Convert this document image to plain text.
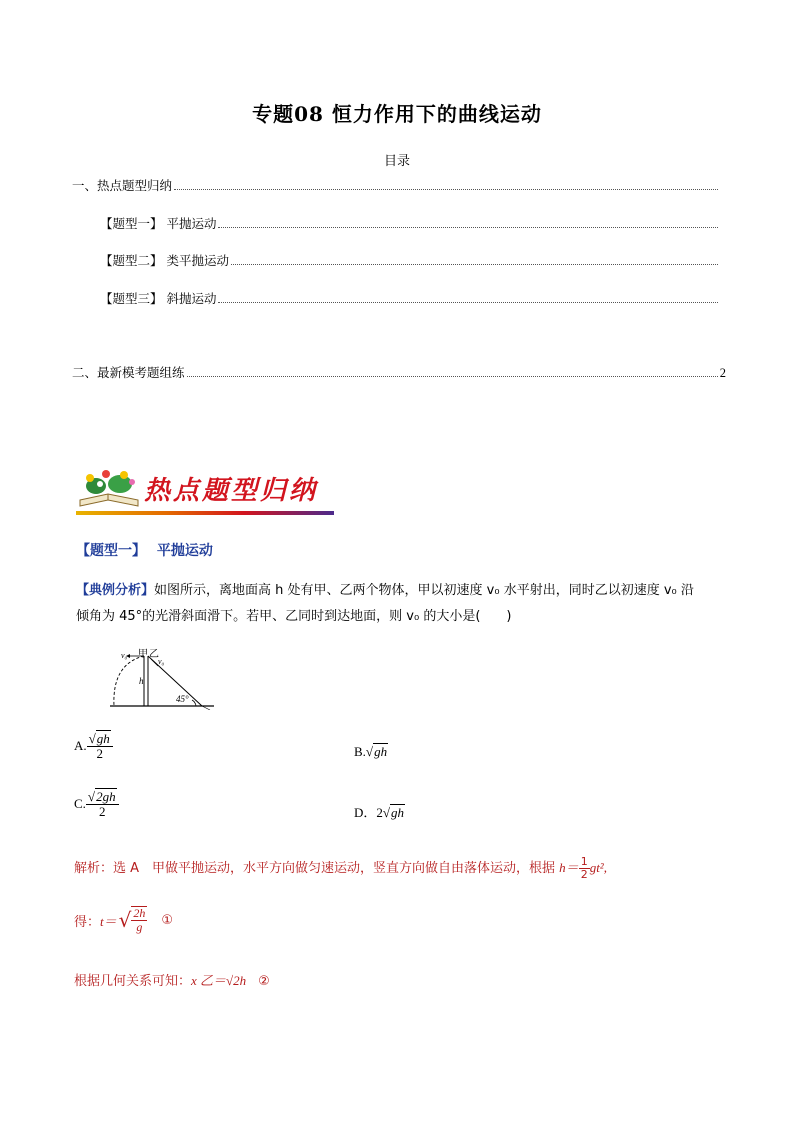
专题08 恒力作用下的曲线运动
目录
一、热点题型归纳
【题型一】 平抛运动
【题型二】 类平抛运动
【题型三】 斜抛运动
二、最新模考题组练	2
热点题型归纳
【题型一】 平抛运动
【典例分析】如图所示，离地面高 h 处有甲、乙两个物体，甲以初速度 v₀ 水平射出，同时乙以初速度 v₀ 沿
倾角为 45°的光滑斜面滑下。若甲、乙同时到达地面，则 v₀ 的大小是(　　)
甲 乙
v₀
v₀
h
45°
A. $\frac{√gh}{2}$	B.√gh
C. $\frac{√2gh}{2}$	D．2√gh
解析：选 A　甲做平抛运动，水平方向做匀速运动，竖直方向做自由落体运动，根据 $h= \frac{1}{2} gt^2$,
得： t＝ √ $\frac{2h}{g}$ ①
根据几何关系可知：x 乙＝√2h ②
